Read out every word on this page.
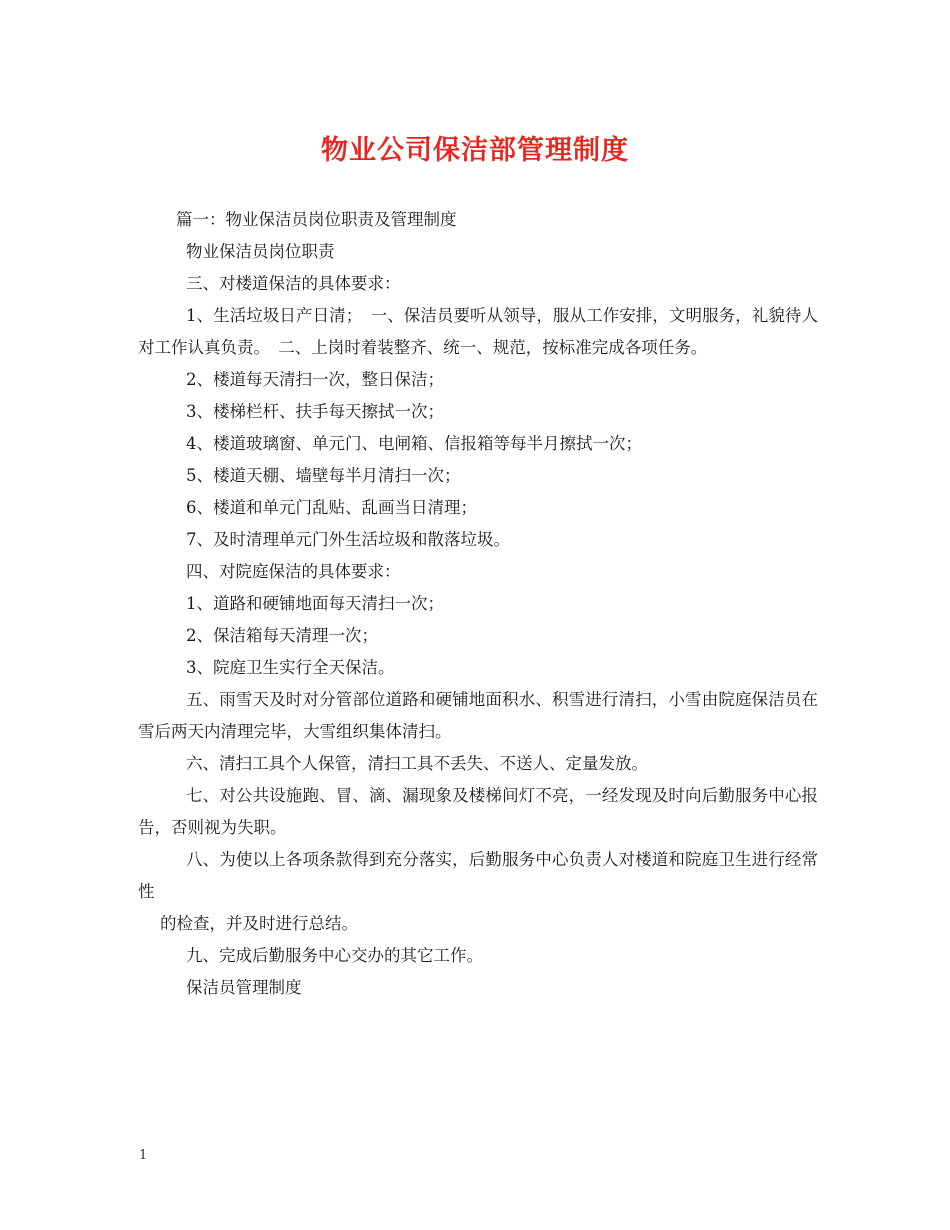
物业公司保洁部管理制度

篇一：物业保洁员岗位职责及管理制度

物业保洁员岗位职责

三、对楼道保洁的具体要求：

1、生活垃圾日产日清；　一、保洁员要听从领导，服从工作安排，文明服务，礼貌待人对工作认真负责。　二、上岗时着装整齐、统一、规范，按标准完成各项任务。

2、楼道每天清扫一次，整日保洁；

3、楼梯栏杆、扶手每天擦拭一次；

4、楼道玻璃窗、单元门、电闸箱、信报箱等每半月擦拭一次；

5、楼道天棚、墙壁每半月清扫一次；

6、楼道和单元门乱贴、乱画当日清理；

7、及时清理单元门外生活垃圾和散落垃圾。

四、对院庭保洁的具体要求：

1、道路和硬铺地面每天清扫一次；

2、保洁箱每天清理一次；

3、院庭卫生实行全天保洁。

五、雨雪天及时对分管部位道路和硬铺地面积水、积雪进行清扫，小雪由院庭保洁员在雪后两天内清理完毕，大雪组织集体清扫。

六、清扫工具个人保管，清扫工具不丢失、不送人、定量发放。

七、对公共设施跑、冒、滴、漏现象及楼梯间灯不亮，一经发现及时向后勤服务中心报告，否则视为失职。

八、为使以上各项条款得到充分落实，后勤服务中心负责人对楼道和院庭卫生进行经常性

的检查，并及时进行总结。

九、完成后勤服务中心交办的其它工作。

保洁员管理制度

1
